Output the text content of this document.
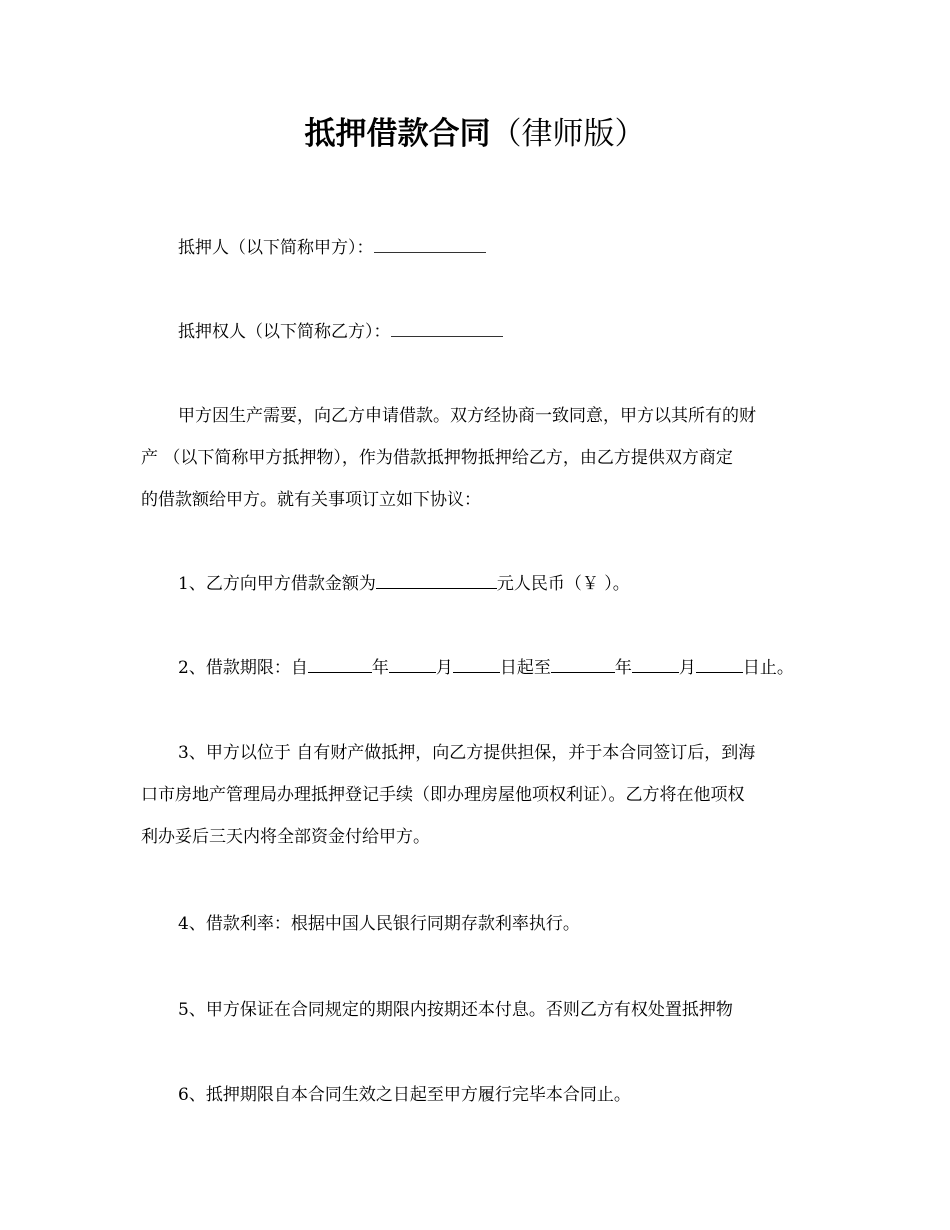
抵押借款合同（律师版）
抵押人（以下简称甲方）：
抵押权人（以下简称乙方）：
甲方因生产需要，向乙方申请借款。双方经协商一致同意，甲方以其所有的财
产 （以下简称甲方抵押物），作为借款抵押物抵押给乙方，由乙方提供双方商定
的借款额给甲方。就有关事项订立如下协议：
1、乙方向甲方借款金额为	元人民币（￥ ）。
2、借款期限：自	年	月	日起至	年	月	日止。
3、甲方以位于 自有财产做抵押，向乙方提供担保，并于本合同签订后，到海
口市房地产管理局办理抵押登记手续（即办理房屋他项权利证）。乙方将在他项权
利办妥后三天内将全部资金付给甲方。
4、借款利率：根据中国人民银行同期存款利率执行。
5、甲方保证在合同规定的期限内按期还本付息。否则乙方有权处置抵押物
6、抵押期限自本合同生效之日起至甲方履行完毕本合同止。
